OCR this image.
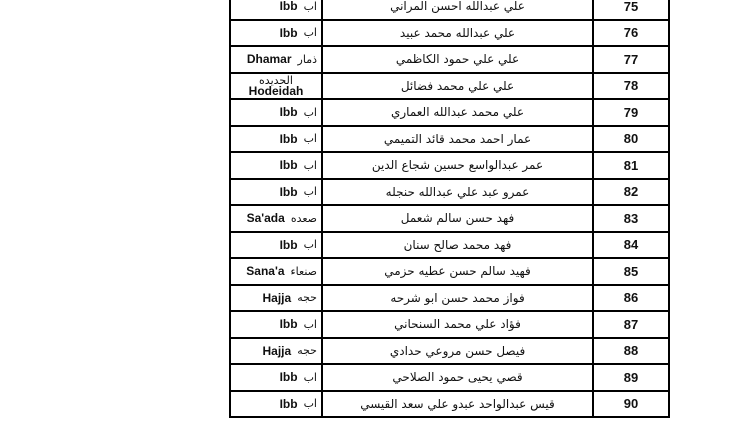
Ibb اب	علي عبدالله احسن المراني	75
Ibb اب	علي عبدالله محمد عبيد	76
Dhamar ذمار	علي علي حمود الكاظمي	77
الحديده
Hodeidah	علي علي محمد فضائل	78
Ibb اب	علي محمد عبدالله العماري	79
Ibb اب	عمار احمد محمد قائد التميمي	80
Ibb اب	عمر عبدالواسع حسين شجاع الدين	81
Ibb اب	عمرو عبد علي عبدالله حنجله	82
Sa'ada صعده	فهد حسن سالم شعمل	83
Ibb اب	فهد محمد صالح سنان	84
Sana'a صنعاء	فهيد سالم حسن عطيه حزمي	85
Hajja حجه	فواز محمد حسن ابو شرحه	86
Ibb اب	فؤاد علي محمد السنحاني	87
Hajja حجه	فيصل حسن مروعي حدادي	88
Ibb اب	قصي يحيى حمود الصلاحي	89
Ibb اب	قيس عبدالواحد عبدو علي سعد القيسي	90
